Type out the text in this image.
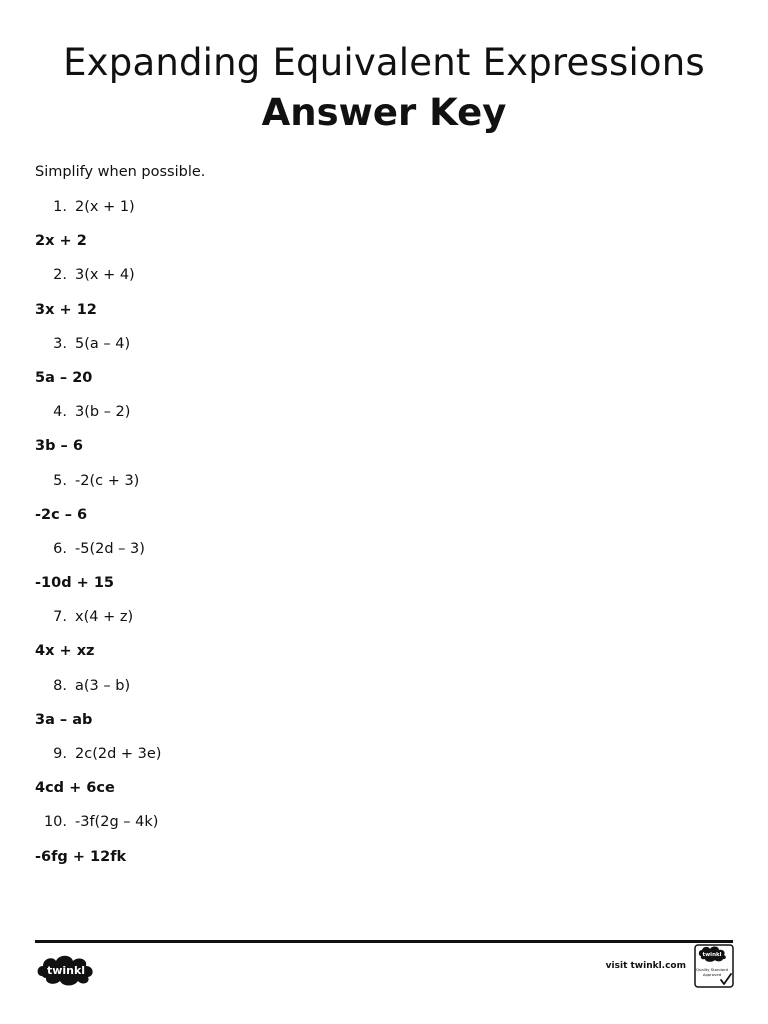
Expanding Equivalent Expressions
Answer Key
Simplify when possible.
1. 2(x + 1)
2x + 2
2. 3(x + 4)
3x + 12
3. 5(a – 4)
5a – 20
4. 3(b – 2)
3b – 6
5. -2(c + 3)
-2c – 6
6. -5(2d – 3)
-10d + 15
7. x(4 + z)
4x + xz
8. a(3 – b)
3a – ab
9. 2c(2d + 3e)
4cd + 6ce
10. -3f(2g – 4k)
-6fg + 12fk
twinkl	visit twinkl.com
twinkl
Quality Standard
Approved
